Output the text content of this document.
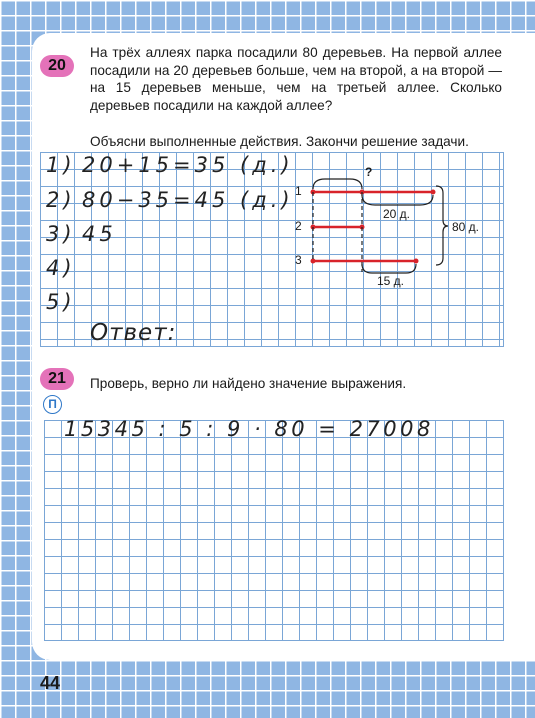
20
На трёх аллеях парка посадили 80 деревьев. На первой аллее посадили на 20 деревьев больше, чем на второй, а на второй — на 15 деревьев меньше, чем на третьей аллее. Сколько деревьев посадили на каждой аллее?
Объясни выполненные действия. Закончи решение задачи.
1) 20+15=35 (д.)
2) 80−35=45 (д.)
3) 45
4)
5)
Ответ:
1
2
3
?
20 д.
15 д.
80 д.
21	Проверь, верно ли найдено значение выражения.
П
15345 : 5 : 9 · 80 = 27008
44
